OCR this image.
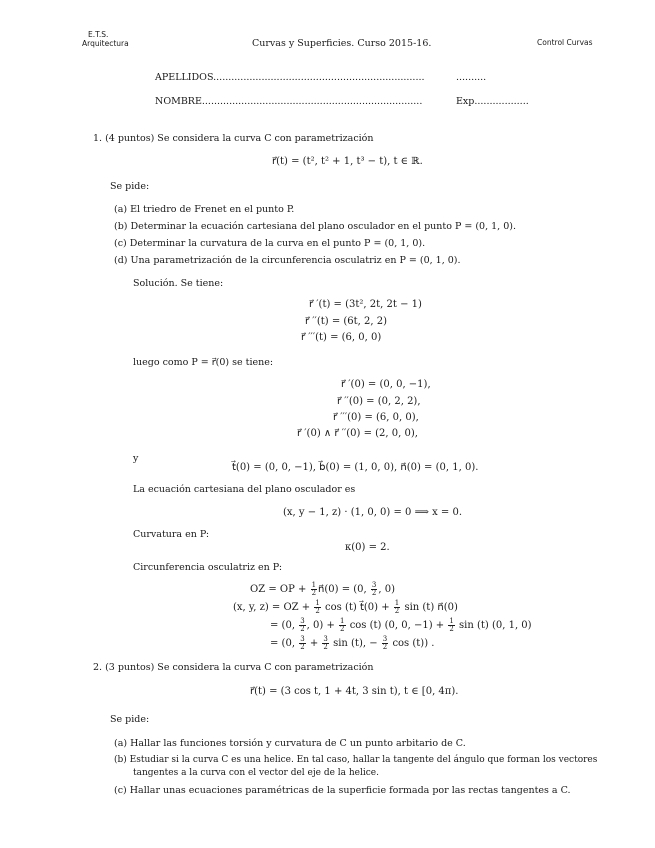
E.T.S.
Arquitectura	Curvas y Superficies. Curso 2015-16.	Control Curvas
APELLIDOS......................................................................	..........
NOMBRE.........................................................................	Exp..................
1. (4 puntos) Se considera la curva C con parametrización
r⃗(t) = (t², t² + 1, t³ − t), t ∈ ℝ.
Se pide:
(a) El triedro de Frenet en el punto P.
(b) Determinar la ecuación cartesiana del plano osculador en el punto P = (0, 1, 0).
(c) Determinar la curvatura de la curva en el punto P = (0, 1, 0).
(d) Una parametrización de la circunferencia osculatriz en P = (0, 1, 0).
Solución. Se tiene:
r⃗ ′(t) = (3t², 2t, 2t − 1)
r⃗ ′′(t) = (6t, 2, 2)
r⃗ ′′′(t) = (6, 0, 0)
luego como P = r⃗(0) se tiene:
r⃗ ′(0) = (0, 0, −1),
r⃗ ′′(0) = (0, 2, 2),
r⃗ ′′′(0) = (6, 0, 0),
r⃗ ′(0) ∧ r⃗ ′′(0) = (2, 0, 0),
y
t⃗(0) = (0, 0, −1), b⃗(0) = (1, 0, 0), n⃗(0) = (0, 1, 0).
La ecuación cartesiana del plano osculador es
(x, y − 1, z) · (1, 0, 0) = 0 ⟹ x = 0.
Curvatura en P:
κ(0) = 2.
Circunferencia osculatriz en P:
OZ = OP + $\frac{1}{2}$ n⃗(0) = (0, $\frac{3}{2}$ , 0)
(x, y, z) = OZ + $\frac{1}{2}$ cos (t) t⃗(0) + $\frac{1}{2}$ sin (t) n⃗(0)
= (0, $\frac{3}{2}$ , $0) + \frac{1}{2}$ cos (t) (0, 0, $-1) + \frac{1}{2}$ sin (t) (0, 1, 0)
= (0, $\frac{3}{2} + \frac{3}{2}$ sin (t), − $\frac{3}{2}$ cos (t)) .
2. (3 puntos) Se considera la curva C con parametrización
r⃗(t) = (3 cos t, 1 + 4t, 3 sin t), t ∈ [0, 4π).
Se pide:
(a) Hallar las funciones torsión y curvatura de C un punto arbitario de C.
(b) Estudiar si la curva C es una helice. En tal caso, hallar la tangente del ángulo que forman los vectores
tangentes a la curva con el vector del eje de la helice.
(c) Hallar unas ecuaciones paramétricas de la superficie formada por las rectas tangentes a C.
